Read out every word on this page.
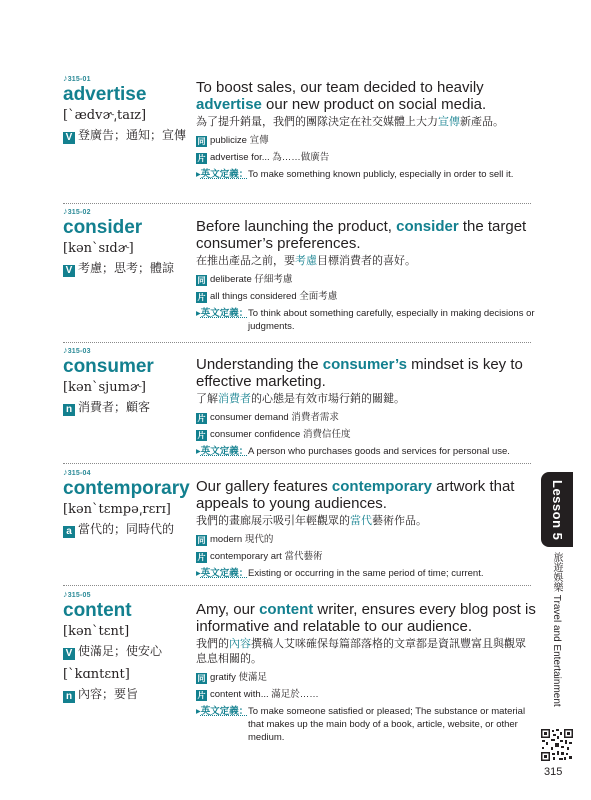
♪315-01
advertise
[ˋædvɚ͵taɪz]
V 登廣告；通知；宣傳
To boost sales, our team decided to heavily advertise our new product on social media.
為了提升銷量，我們的團隊決定在社交媒體上大力宣傳新產品。
同 publicize 宣傳
片 advertise for... 為……做廣告
▸英文定義： To make something known publicly, especially in order to sell it.
♪315-02
consider
[kənˋsɪdɚ]
V 考慮；思考；體諒
Before launching the product, consider the target consumer’s preferences.
在推出產品之前，要考慮目標消費者的喜好。
同 deliberate 仔細考慮
片 all things considered 全面考慮
▸英文定義： To think about something carefully, especially in making decisions or judgments.
♪315-03
consumer
[kənˋsjumɚ]
n 消費者；顧客
Understanding the consumer’s mindset is key to effective marketing.
了解消費者的心態是有效市場行銷的關鍵。
片 consumer demand 消費者需求
片 consumer confidence 消費信任度
▸英文定義： A person who purchases goods and services for personal use.
♪315-04
contemporary
[kənˋtɛmpə͵rɛrɪ]
a 當代的；同時代的
Our gallery features contemporary artwork that appeals to young audiences.
我們的畫廊展示吸引年輕觀眾的當代藝術作品。
同 modern 現代的
片 contemporary art 當代藝術
▸英文定義： Existing or occurring in the same period of time; current.
♪315-05
content
[kənˋtɛnt]
V 使滿足；使安心
[ˋkɑntɛnt]
n 內容；要旨
Amy, our content writer, ensures every blog post is informative and relatable to our audience.
我們的內容撰稿人艾咪確保每篇部落格的文章都是資訊豐富且與觀眾息息相關的。
同 gratify 使滿足
片 content with... 滿足於……
▸英文定義： To make someone satisfied or pleased; The substance or material that makes up the main body of a book, article, website, or other medium.
Lesson 5
旅遊娛樂 Travel and Entertainment
315
